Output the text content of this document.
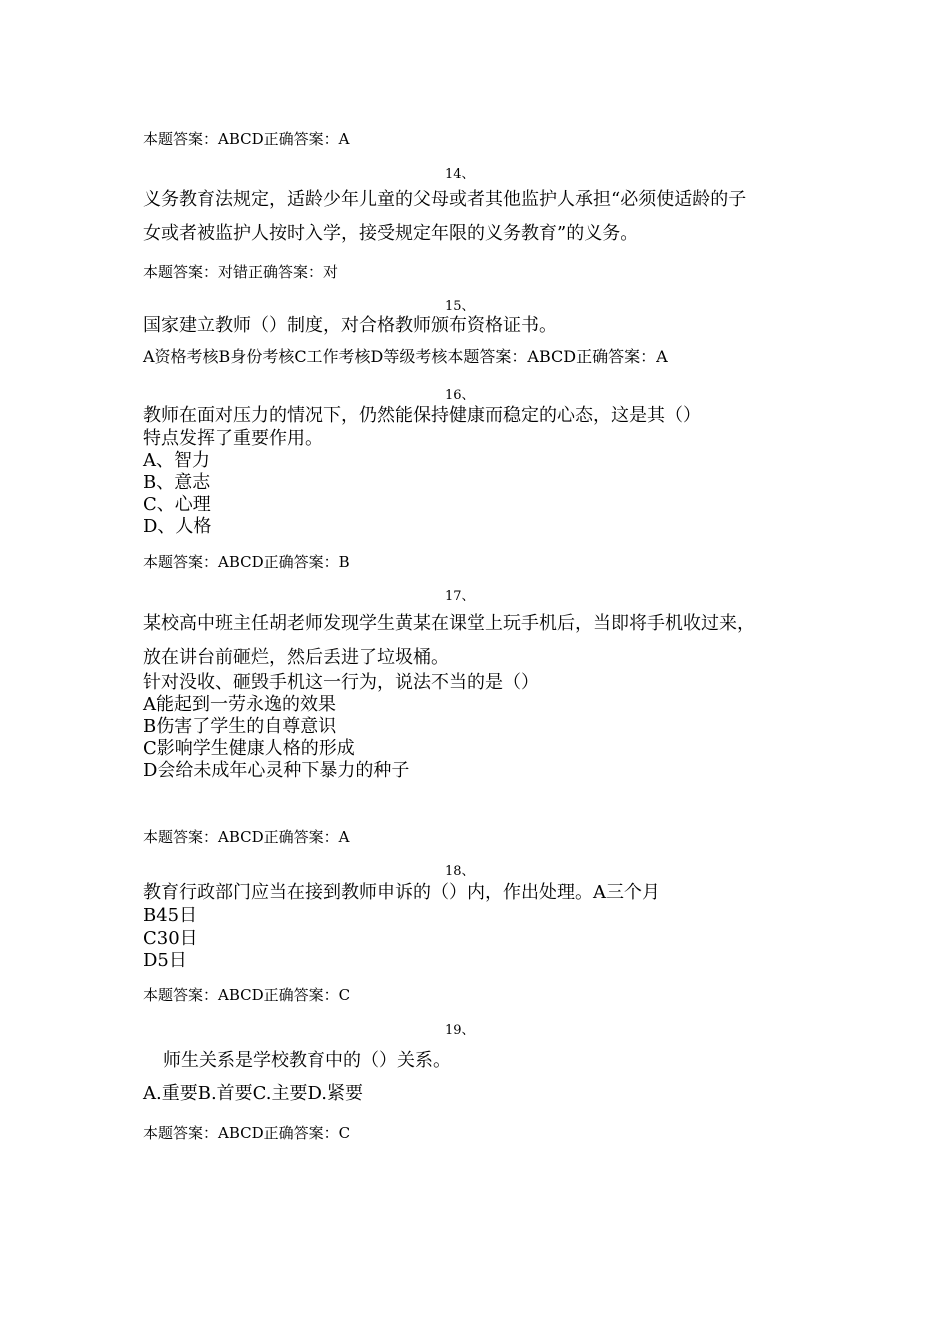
本题答案：ABCD正确答案：A
14、
义务教育法规定，适龄少年儿童的父母或者其他监护人承担“必须使适龄的子
女或者被监护人按时入学，接受规定年限的义务教育”的义务。
本题答案：对错正确答案：对
15、
国家建立教师（）制度，对合格教师颁布资格证书。
A资格考核B身份考核C工作考核D等级考核本题答案：ABCD正确答案：A
16、
教师在面对压力的情况下，仍然能保持健康而稳定的心态，这是其（）
特点发挥了重要作用。
A、智力
B、意志
C、心理
D、人格
本题答案：ABCD正确答案：B
17、
某校高中班主任胡老师发现学生黄某在课堂上玩手机后，当即将手机收过来，
放在讲台前砸烂，然后丢进了垃圾桶。
针对没收、砸毁手机这一行为，说法不当的是（）
A能起到一劳永逸的效果
B伤害了学生的自尊意识
C影响学生健康人格的形成
D会给未成年心灵种下暴力的种子
本题答案：ABCD正确答案：A
18、
教育行政部门应当在接到教师申诉的（）内，作出处理。A三个月
B45日
C30日
D5日
本题答案：ABCD正确答案：C
19、
师生关系是学校教育中的（）关系。
A.重要B.首要C.主要D.紧要
本题答案：ABCD正确答案：C
